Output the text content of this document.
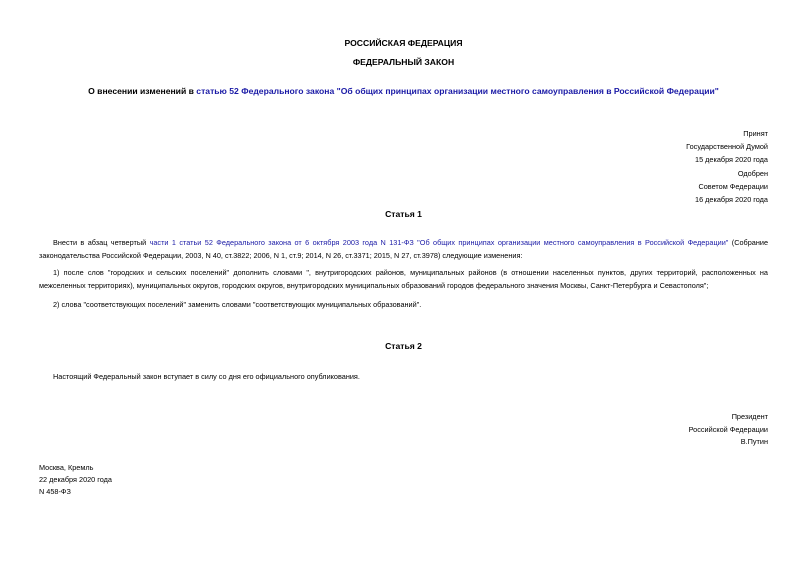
РОССИЙСКАЯ ФЕДЕРАЦИЯ
ФЕДЕРАЛЬНЫЙ ЗАКОН
О внесении изменений в статью 52 Федерального закона "Об общих принципах организации местного самоуправления в Российской Федерации"
Принят
Государственной Думой
15 декабря 2020 года
Одобрен
Советом Федерации
16 декабря 2020 года
Статья 1
Внести в абзац четвертый части 1 статьи 52 Федерального закона от 6 октября 2003 года N 131-ФЗ "Об общих принципах организации местного самоуправления в Российской Федерации" (Собрание законодательства Российской Федерации, 2003, N 40, ст.3822; 2006, N 1, ст.9; 2014, N 26, ст.3371; 2015, N 27, ст.3978) следующие изменения:
1) после слов "городских и сельских поселений" дополнить словами ", внутригородских районов, муниципальных районов (в отношении населенных пунктов, других территорий, расположенных на межселенных территориях), муниципальных округов, городских округов, внутригородских муниципальных образований городов федерального значения Москвы, Санкт-Петербурга и Севастополя";
2) слова "соответствующих поселений" заменить словами "соответствующих муниципальных образований".
Статья 2
Настоящий Федеральный закон вступает в силу со дня его официального опубликования.
Президент
Российской Федерации
В.Путин
Москва, Кремль
22 декабря 2020 года
N 458-ФЗ
